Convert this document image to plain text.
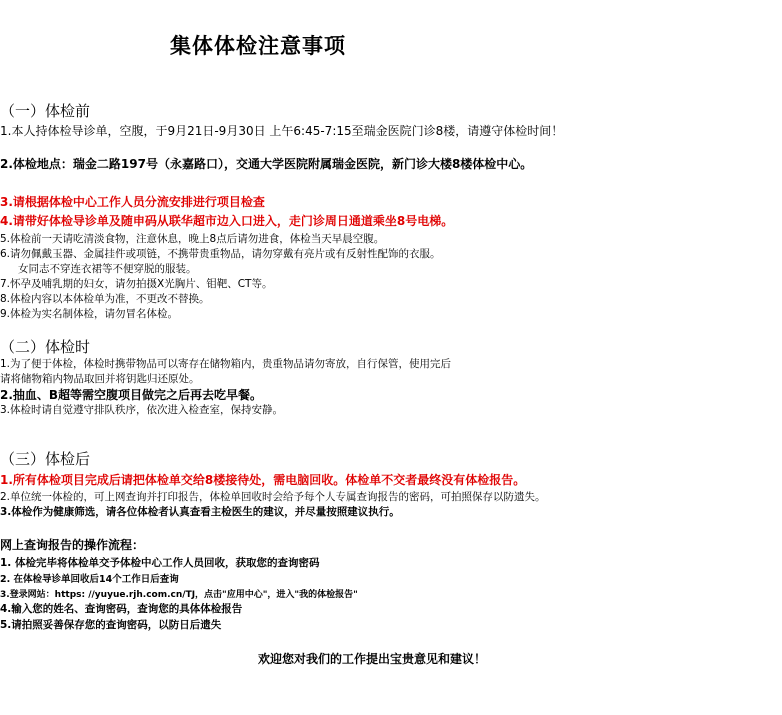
集体体检注意事项
（一）体检前
1.本人持体检导诊单，空腹，于9月21日-9月30日 上午6:45-7:15至瑞金医院门诊8楼，请遵守体检时间！
2.体检地点：瑞金二路197号（永嘉路口），交通大学医院附属瑞金医院，新门诊大楼8楼体检中心。
3.请根据体检中心工作人员分流安排进行项目检查
4.请带好体检导诊单及随申码从联华超市边入口进入，走门诊周日通道乘坐8号电梯。
5.体检前一天请吃清淡食物，注意休息，晚上8点后请勿进食，体检当天早晨空腹。
6.请勿佩戴玉器、金属挂件或项链，不携带贵重物品，请勿穿戴有亮片或有反射性配饰的衣服。
女同志不穿连衣裙等不便穿脱的服装。
7.怀孕及哺乳期的妇女，请勿拍摄X光胸片、钼靶、CT等。
8.体检内容以本体检单为准，不更改不替换。
9.体检为实名制体检，请勿冒名体检。
（二）体检时
1.为了便于体检，体检时携带物品可以寄存在储物箱内，贵重物品请勿寄放，自行保管，使用完后
请将储物箱内物品取回并将钥匙归还原处。
2.抽血、B超等需空腹项目做完之后再去吃早餐。
3.体检时请自觉遵守排队秩序，依次进入检查室，保持安静。
（三）体检后
1.所有体检项目完成后请把体检单交给8楼接待处，需电脑回收。体检单不交者最终没有体检报告。
2.单位统一体检的，可上网查询并打印报告，体检单回收时会给予每个人专属查询报告的密码，可拍照保存以防遗失。
3.体检作为健康筛选，请各位体检者认真查看主检医生的建议，并尽量按照建议执行。
网上查询报告的操作流程：
1. 体检完毕将体检单交予体检中心工作人员回收，获取您的查询密码
2. 在体检导诊单回收后14个工作日后查询
3.登录网站：https: //yuyue.rjh.com.cn/TJ，点击"应用中心"，进入"我的体检报告"
4.输入您的姓名、查询密码，查询您的具体体检报告
5.请拍照妥善保存您的查询密码，以防日后遗失
欢迎您对我们的工作提出宝贵意见和建议！
